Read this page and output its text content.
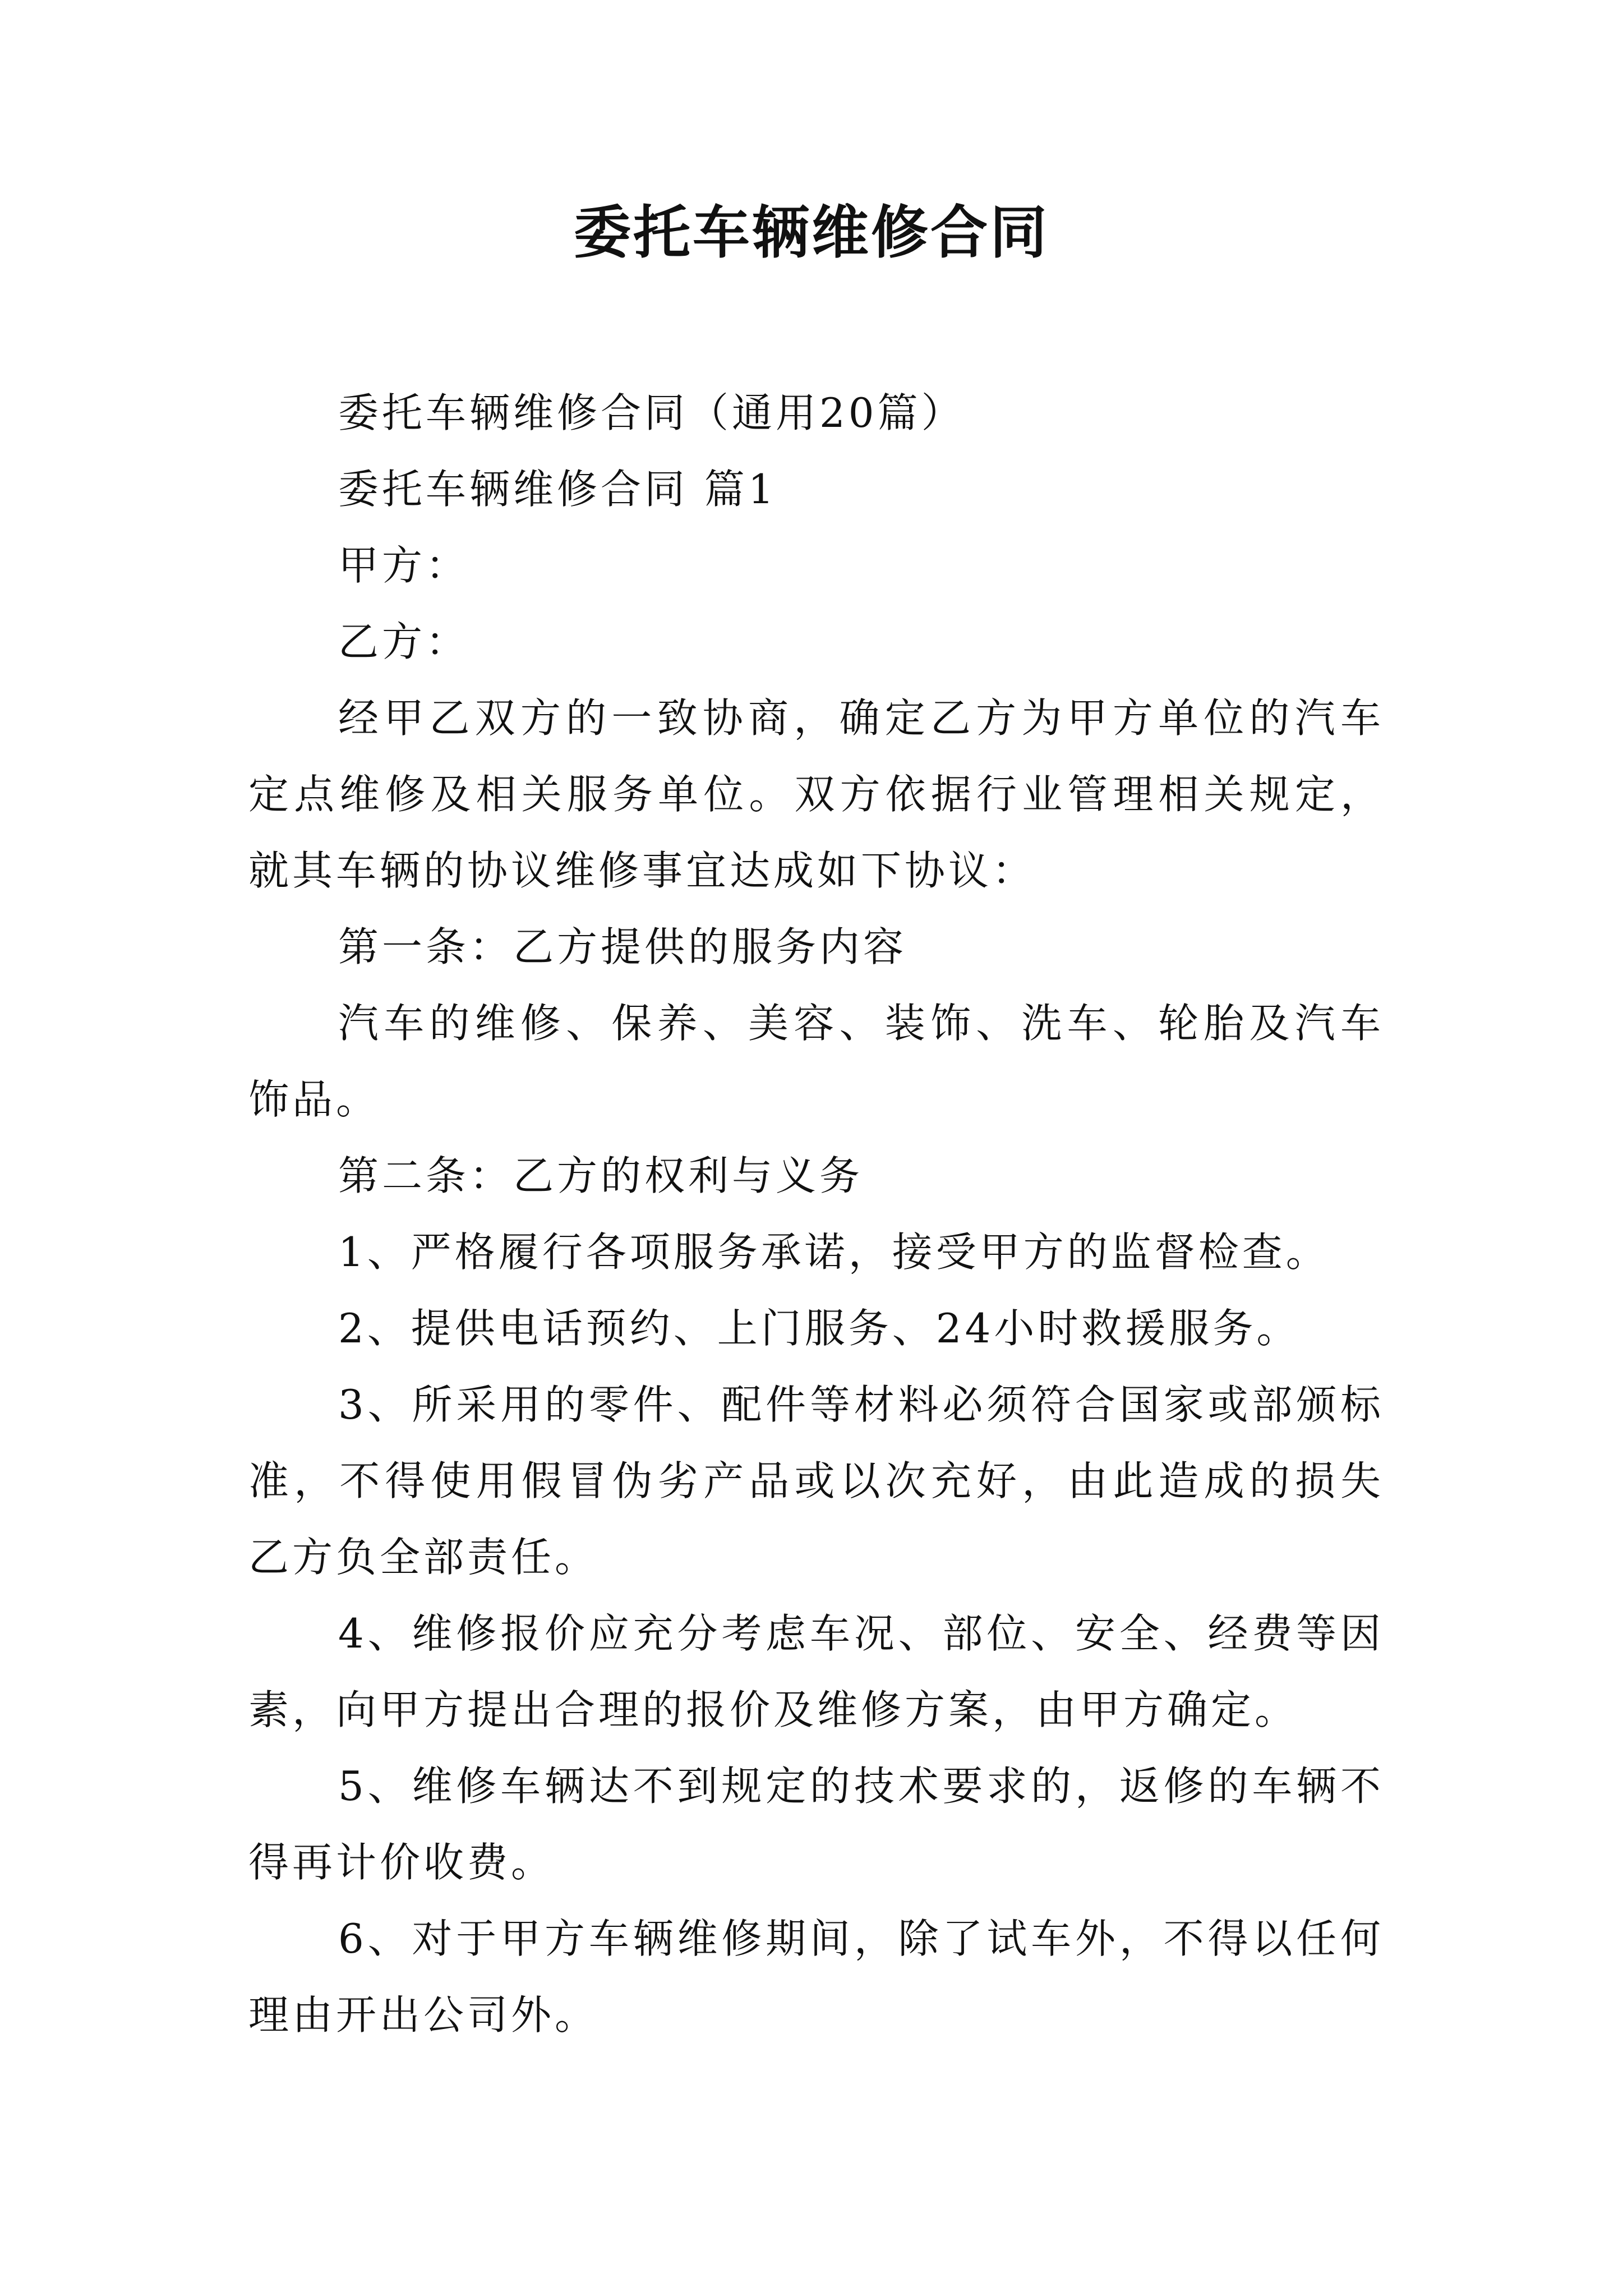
委托车辆维修合同

委托车辆维修合同（通用20篇）

委托车辆维修合同 篇1

甲方：

乙方：

经甲乙双方的一致协商，确定乙方为甲方单位的汽车定点维修及相关服务单位。双方依据行业管理相关规定，就其车辆的协议维修事宜达成如下协议：

第一条：乙方提供的服务内容

汽车的维修、保养、美容、装饰、洗车、轮胎及汽车饰品。

第二条：乙方的权利与义务

1、严格履行各项服务承诺，接受甲方的监督检查。

2、提供电话预约、上门服务、24小时救援服务。

3、所采用的零件、配件等材料必须符合国家或部颁标准，不得使用假冒伪劣产品或以次充好，由此造成的损失乙方负全部责任。

4、维修报价应充分考虑车况、部位、安全、经费等因素，向甲方提出合理的报价及维修方案，由甲方确定。

5、维修车辆达不到规定的技术要求的，返修的车辆不得再计价收费。

6、对于甲方车辆维修期间，除了试车外，不得以任何理由开出公司外。
